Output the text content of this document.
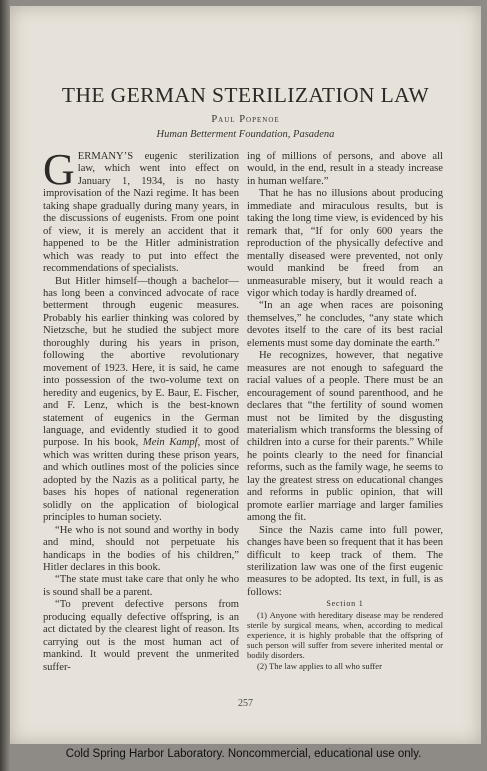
THE GERMAN STERILIZATION LAW
Paul Popenoe
Human Betterment Foundation, Pasadena

GERMANY’S eugenic sterilization law, which went into effect on January 1, 1934, is no hasty improvisation of the Nazi regime. It has been taking shape gradually during many years, in the discussions of eugenists. From one point of view, it is merely an accident that it happened to be the Hitler administration which was ready to put into effect the recommendations of specialists.

But Hitler himself—though a bachelor—has long been a convinced advocate of race betterment through eugenic measures. Probably his earlier thinking was colored by Nietzsche, but he studied the subject more thoroughly during his years in prison, following the abortive revolutionary movement of 1923. Here, it is said, he came into possession of the two-volume text on heredity and eugenics, by E. Baur, E. Fischer, and F. Lenz, which is the best-known statement of eugenics in the German language, and evidently studied it to good purpose. In his book, Mein Kampf, most of which was written during these prison years, and which outlines most of the policies since adopted by the Nazis as a political party, he bases his hopes of national regeneration solidly on the application of biological principles to human society.

“He who is not sound and worthy in body and mind, should not perpetuate his handicaps in the bodies of his children,” Hitler declares in this book.

“The state must take care that only he who is sound shall be a parent.

“To prevent defective persons from producing equally defective offspring, is an act dictated by the clearest light of reason. Its carrying out is the most human act of mankind. It would prevent the unmerited suffer-

ing of millions of persons, and above all would, in the end, result in a steady increase in human welfare.”

That he has no illusions about producing immediate and miraculous results, but is taking the long time view, is evidenced by his remark that, “If for only 600 years the reproduction of the physically defective and mentally diseased were prevented, not only would mankind be freed from an unmeasurable misery, but it would reach a vigor which today is hardly dreamed of.

“In an age when races are poisoning themselves,” he concludes, “any state which devotes itself to the care of its best racial elements must some day dominate the earth.”

He recognizes, however, that negative measures are not enough to safeguard the racial values of a people. There must be an encouragement of sound parenthood, and he declares that “the fertility of sound women must not be limited by the disgusting materialism which transforms the blessing of children into a curse for their parents.” While he points clearly to the need for financial reforms, such as the family wage, he seems to lay the greatest stress on educational changes and reforms in public opinion, that will promote earlier marriage and larger families among the fit.

Since the Nazis came into full power, changes have been so frequent that it has been difficult to keep track of them. The sterilization law was one of the first eugenic measures to be adopted. Its text, in full, is as follows:

Section 1

(1) Anyone with hereditary disease may be rendered sterile by surgical means, when, according to medical experience, it is highly probable that the offspring of such person will suffer from severe inherited mental or bodily disorders.

(2) The law applies to all who suffer

257
Cold Spring Harbor Laboratory. Noncommercial, educational use only.
